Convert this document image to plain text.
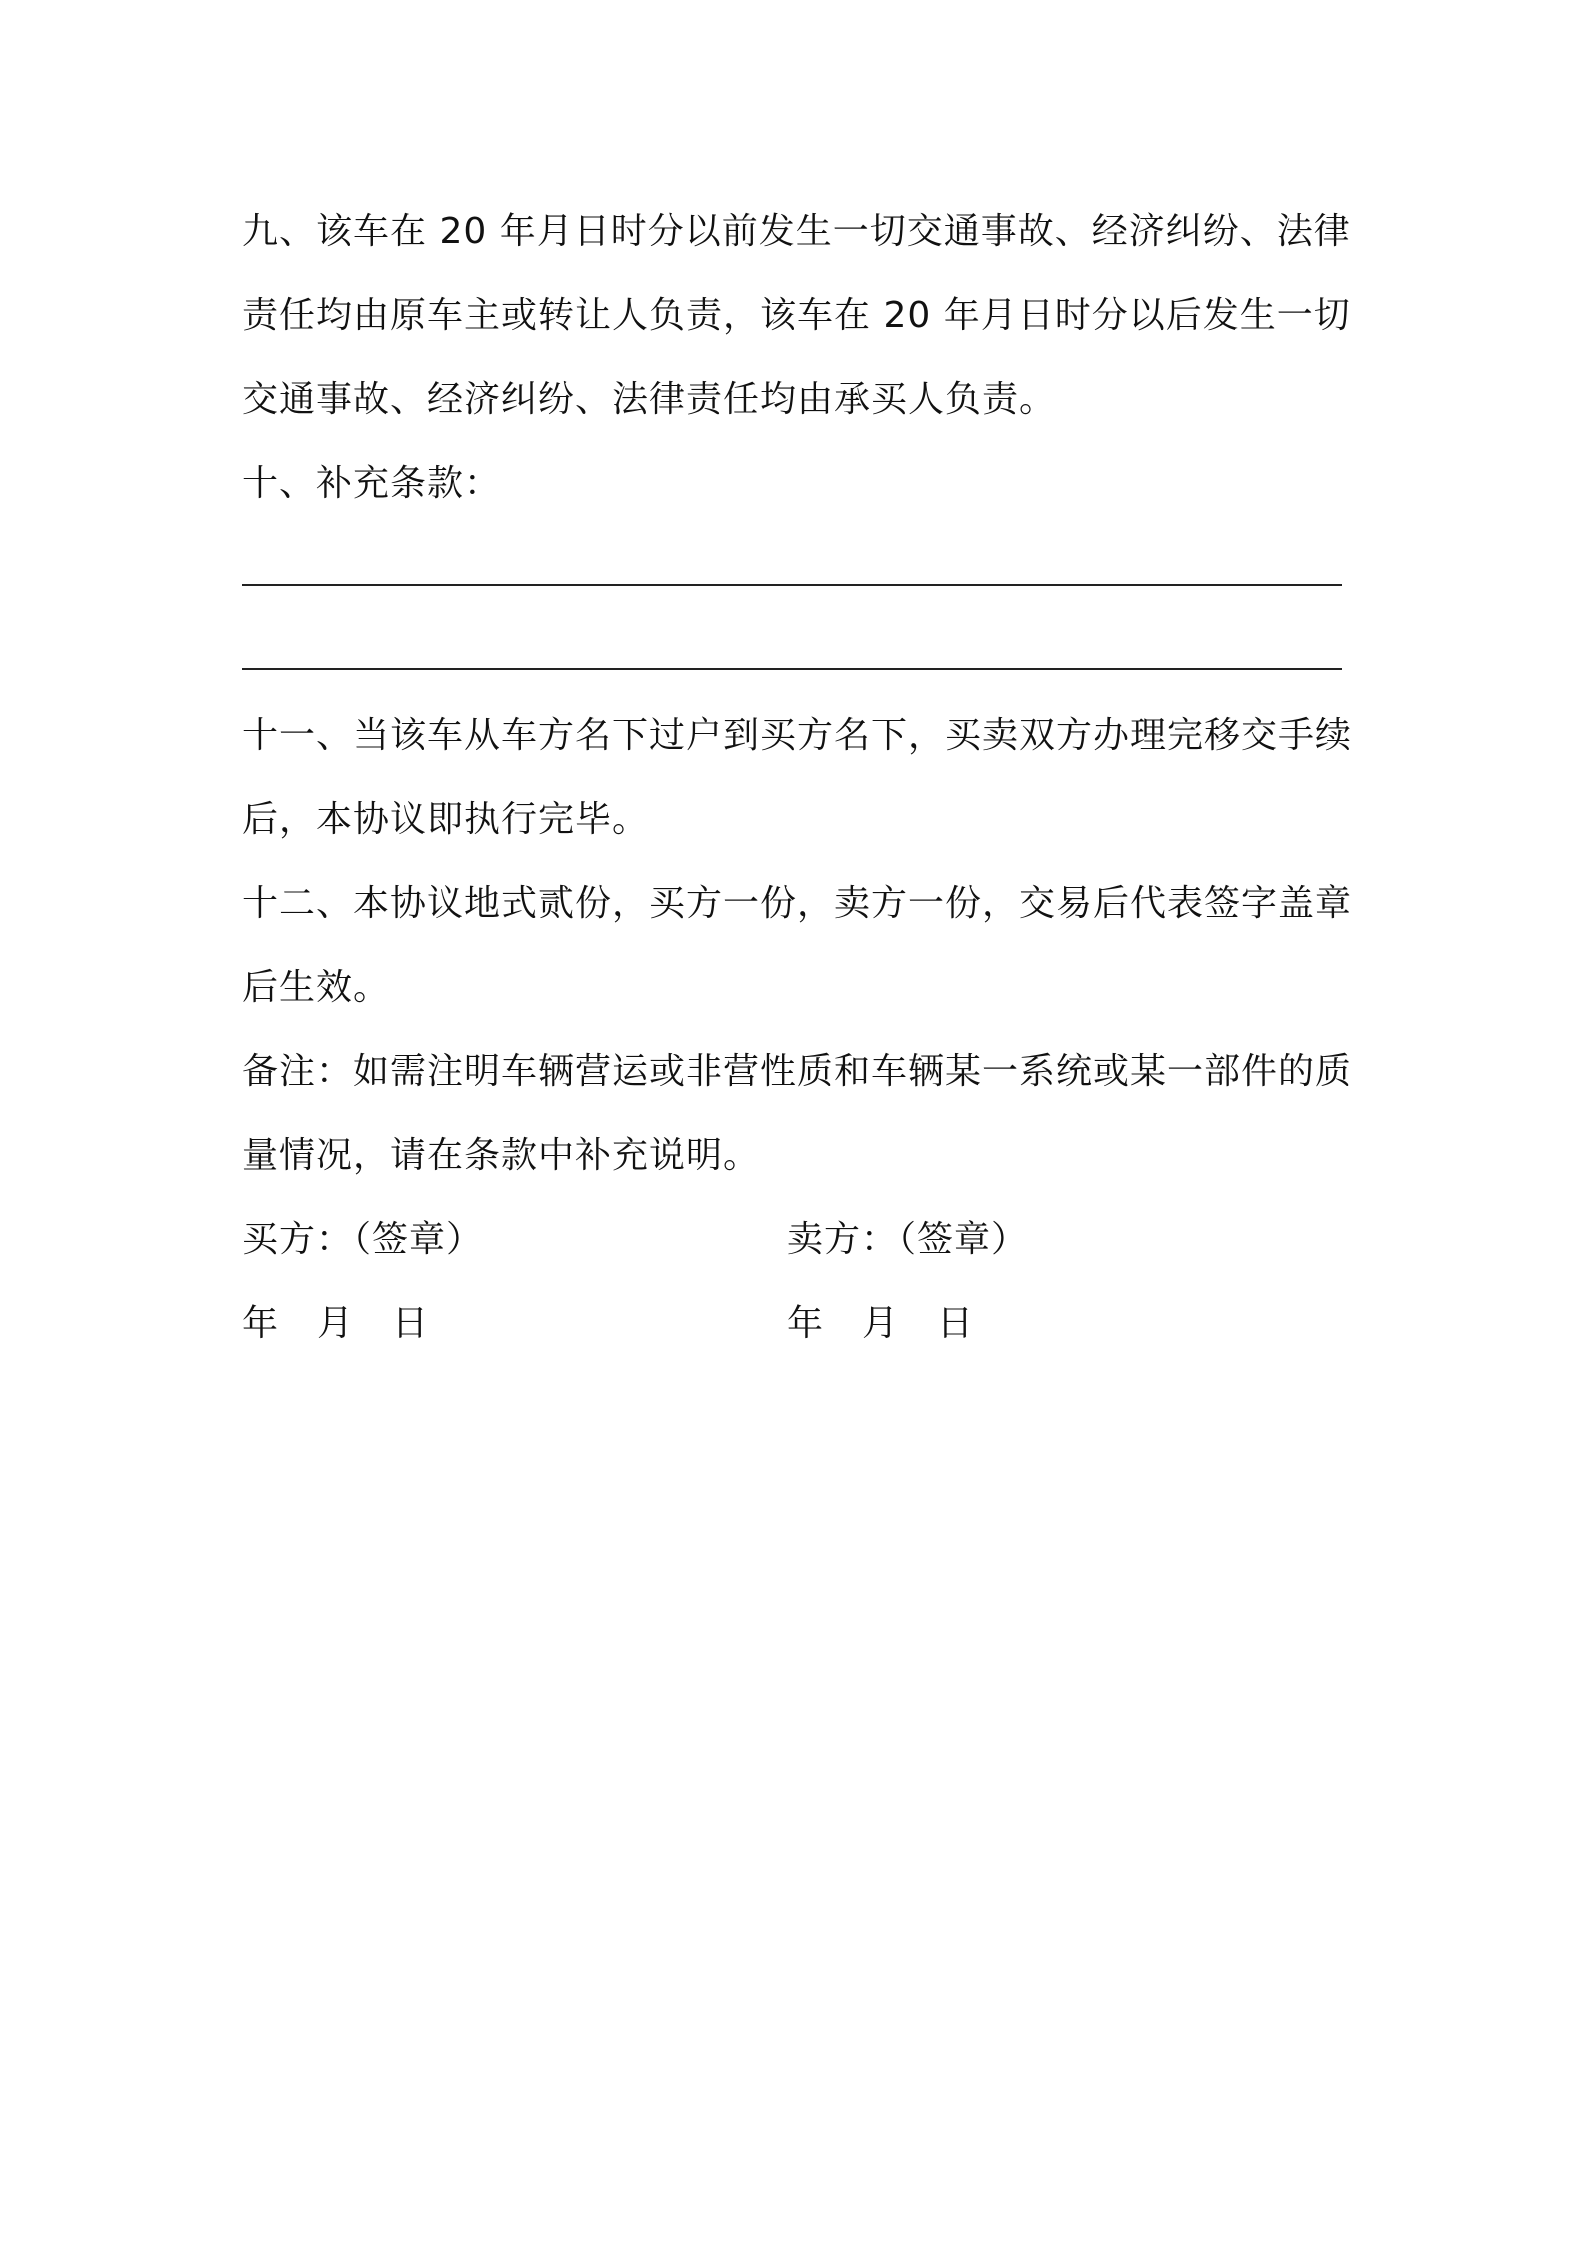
九、该车在 20 年月日时分以前发生一切交通事故、经济纠纷、法律责任均由原车主或转让人负责，该车在 20 年月日时分以后发生一切交通事故、经济纠纷、法律责任均由承买人负责。

十、补充条款：

十一、当该车从车方名下过户到买方名下，买卖双方办理完移交手续后，本协议即执行完毕。

十二、本协议地式贰份，买方一份，卖方一份，交易后代表签字盖章后生效。

备注：如需注明车辆营运或非营性质和车辆某一系统或某一部件的质量情况，请在条款中补充说明。

买方：（签章）	卖方：（签章）
年 月 日	年 月 日
